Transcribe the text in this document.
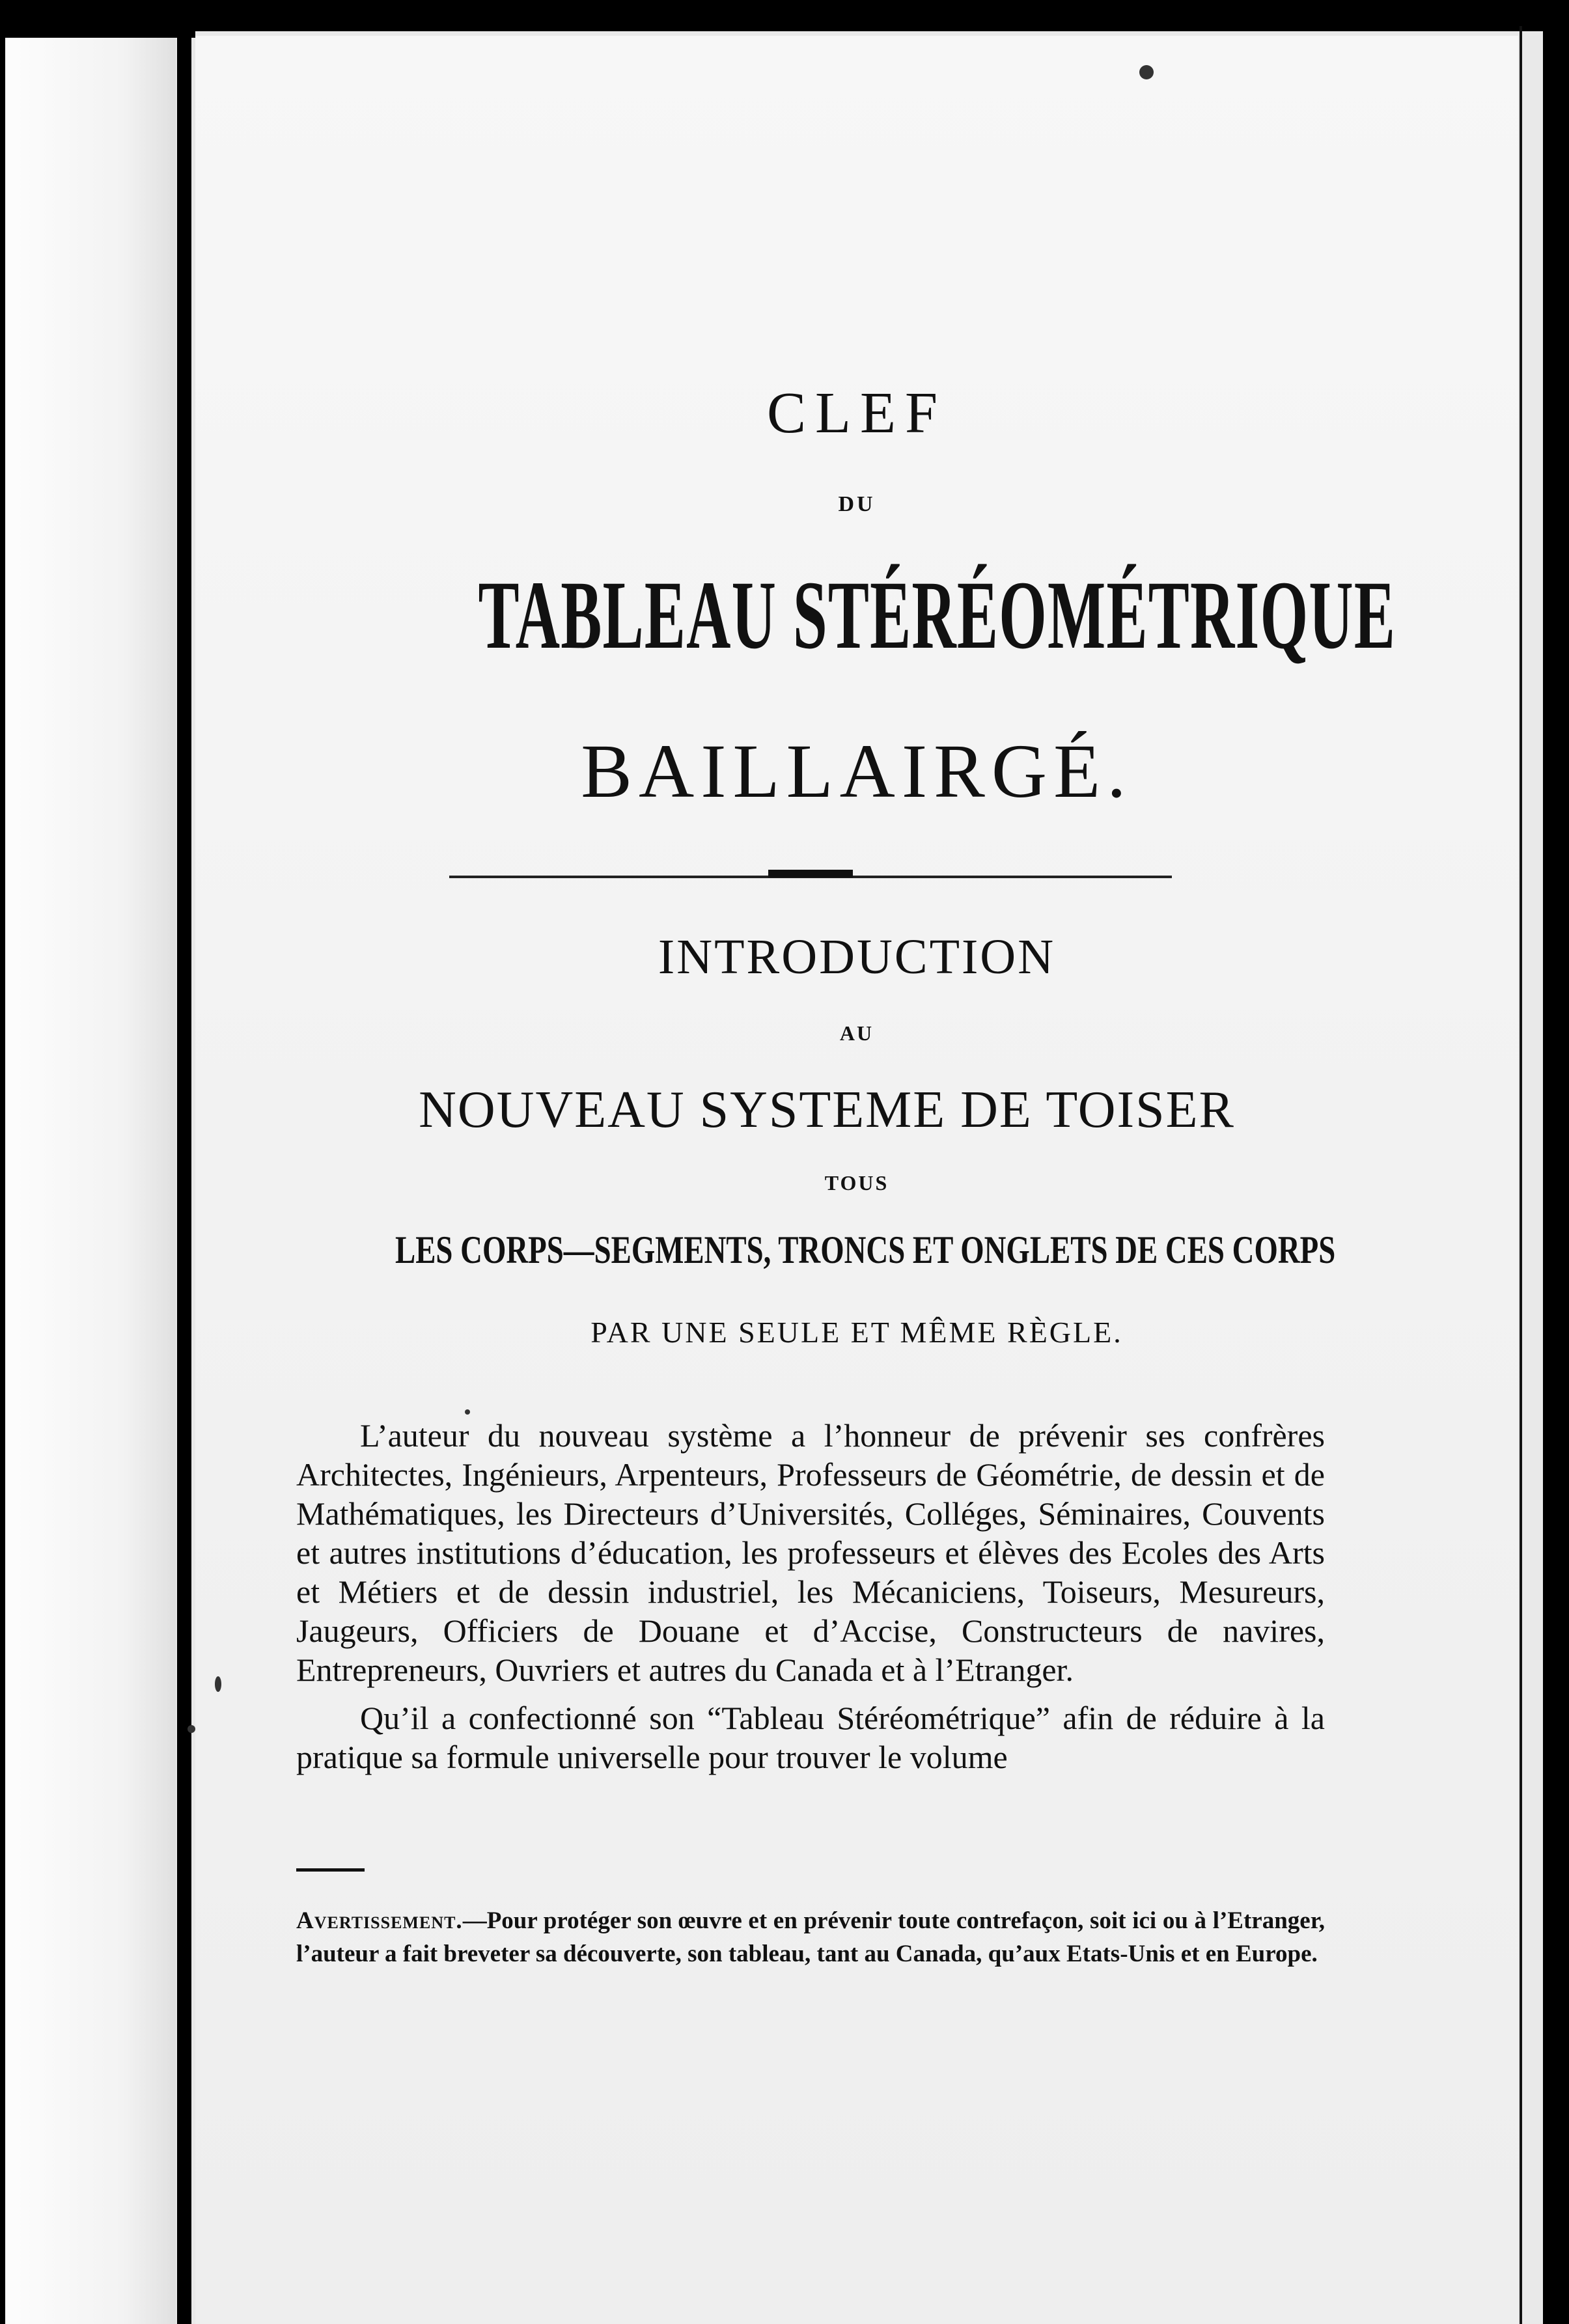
CLEF
DU
TABLEAU STÉRÉOMÉTRIQUE
BAILLAIRGÉ.
INTRODUCTION
AU
NOUVEAU SYSTEME DE TOISER
TOUS
LES CORPS—SEGMENTS, TRONCS ET ONGLETS DE CES CORPS
PAR UNE SEULE ET MÊME RÈGLE.

L’auteur du nouveau système a l’honneur de prévenir ses confrères Architectes, Ingénieurs, Arpenteurs, Professeurs de Géométrie, de dessin et de Mathématiques, les Directeurs d’Universités, Colléges, Séminaires, Couvents et autres institutions d’éducation, les professeurs et élèves des Ecoles des Arts et Métiers et de dessin industriel, les Mécaniciens, Toiseurs, Mesureurs, Jaugeurs, Officiers de Douane et d’Accise, Constructeurs de navires, Entrepreneurs, Ouvriers et autres du Canada et à l’Etranger.

Qu’il a confectionné son “Tableau Stéréométrique” afin de réduire à la pratique sa formule universelle pour trouver le volume

Avertissement.—Pour protéger son œuvre et en prévenir toute contrefaçon, soit ici ou à l’Etranger, l’auteur a fait breveter sa découverte, son tableau, tant au Canada, qu’aux Etats-Unis et en Europe.
